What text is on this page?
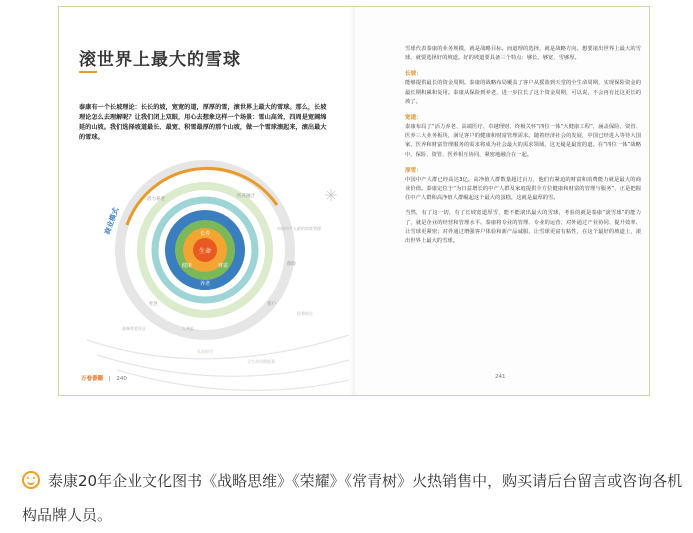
滚世界上最大的雪球

泰康有一个长坡理论：长长的坡，宽宽的道，厚厚的雪，滚世界上最大的雪球。那么，长坡理论怎么去理解呢？让我们闭上双眼，用心去想象这样一个场景：雪山高耸，四周是宽阔绵延的山坡。我们选择坡道最长、最宽、积雪最厚的那个山坡，做一个雪球滚起来，滚出最大的雪球。

生命
长寿
健康	财富
养老
商业模式
活力养老
医养融合
社区	客户
保险
中国中产人群的财富管理
医养结合
人身险
高端养老社区
长寿时代
全生命周期服务
万卷書籍 | 240

雪球代表泰康的业务规模，就是战略目标。而道理的选择，就是战略方向。想要滚出世界上最大的雪球，就要选择好的坡道。好的坡道要具备三个特点：够长、够宽、雪够厚。

长坡：

能够提供最长的资金周期。泰康的战略布局覆盖了客户从摇篮到天堂的全生命周期，实现保险资金的最长期积累和复用。泰康从保险到养老，进一步拉长了这个资金周期，可以说，不会再有比这更长的坡了。

宽道：

泰康布局了“活力养老、高端医疗、卓越理财、终极关怀”四位一体“大健康工程”，涵盖保险、资管、医养三大业务板块，满足客户的健康和财富管理需求。随着经济社会的发展，中国已经进入等待大国家，医养和财富管理服务的需求将成为社会最大的需求领域，这无疑是最宽的道。在“四位一体”战略中，保险、资管、医养相互协同，紧密地融合在一起。

厚雪：

中国中产人群已经高达3亿，高净值人群数量超过百万，他们有紧迫的财富和消费能力就是最大的商业价值。泰康定位于“为日益增长的中产人群及家庭提供全方位健康和财富的管理与服务”，正是把握住中产人群和高净值人群崛起这个最大的蛋糕，这就是最厚的雪。

当然，有了这一切，有了长坡宽道厚雪，能不能滚出最大的雪球，考验的就是泰康“滚雪球”的能力了，就是企业的经营和管理水平。泰康将专业的管理、专业的运营、对外通过产业协同、提升效率、让雪球更紧密；对外通过增强客户体验和新产品诚服，让雪球更富有粘性，在这个最好的坡道上，滚出世界上最大的雪球。

241

泰康20年企业文化图书《战略思维》《荣耀》《常青树》火热销售中，购买请后台留言或咨询各机构品牌人员。
